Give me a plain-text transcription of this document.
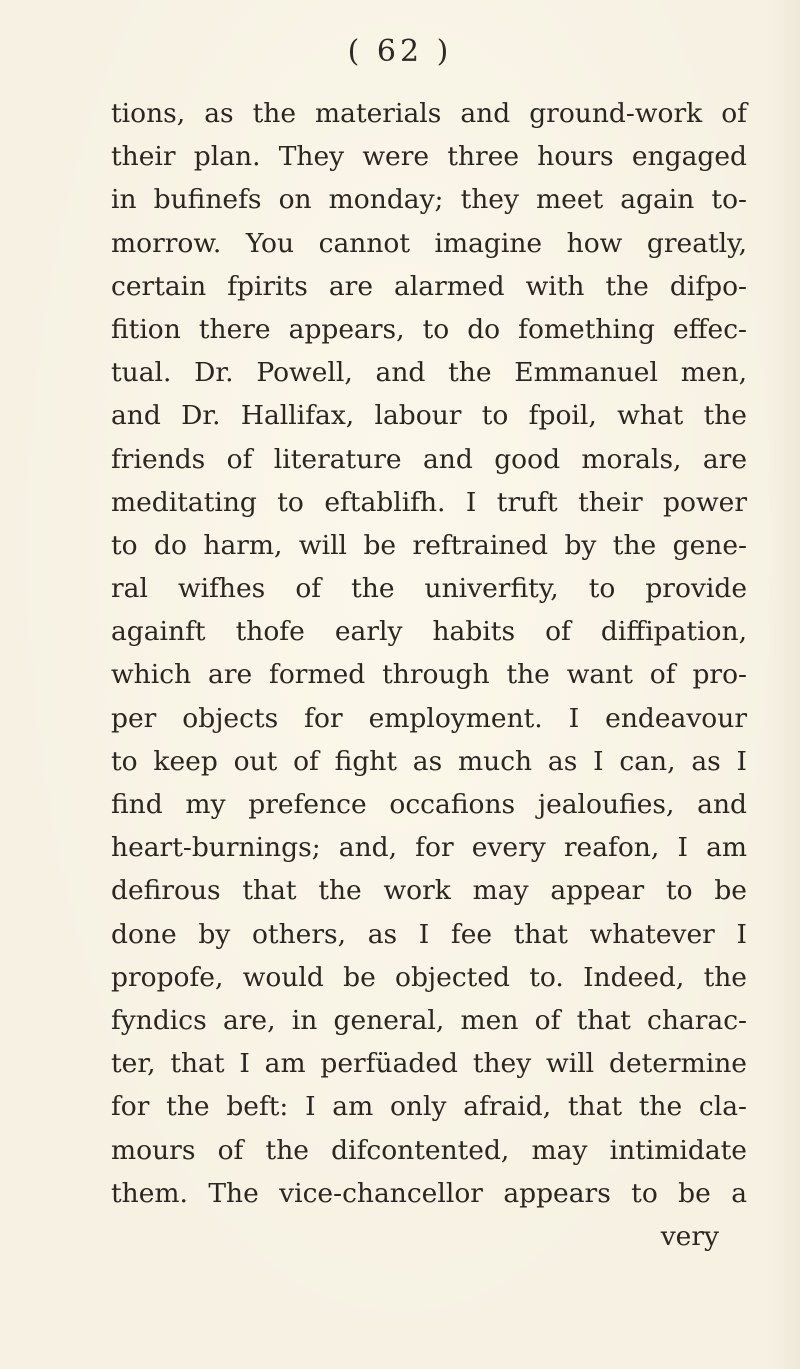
( 62 )
tions, as the materials and ground-work of
their plan. They were three hours engaged
in bufinefs on monday; they meet again to-
morrow. You cannot imagine how greatly,
certain fpirits are alarmed with the difpo-
fition there appears, to do fomething effec-
tual. Dr. Powell, and the Emmanuel men,
and Dr. Hallifax, labour to fpoil, what the
friends of literature and good morals, are
meditating to eftablifh. I truft their power
to do harm, will be reftrained by the gene-
ral wifhes of the univerfity, to provide
againft thofe early habits of diffipation,
which are formed through the want of pro-
per objects for employment. I endeavour
to keep out of fight as much as I can, as I
find my prefence occafions jealoufies, and
heart-burnings; and, for every reafon, I am
defirous that the work may appear to be
done by others, as I fee that whatever I
propofe, would be objected to. Indeed, the
fyndics are, in general, men of that charac-
ter, that I am perfüaded they will determine
for the beft: I am only afraid, that the cla-
mours of the difcontented, may intimidate
them. The vice-chancellor appears to be a
very
